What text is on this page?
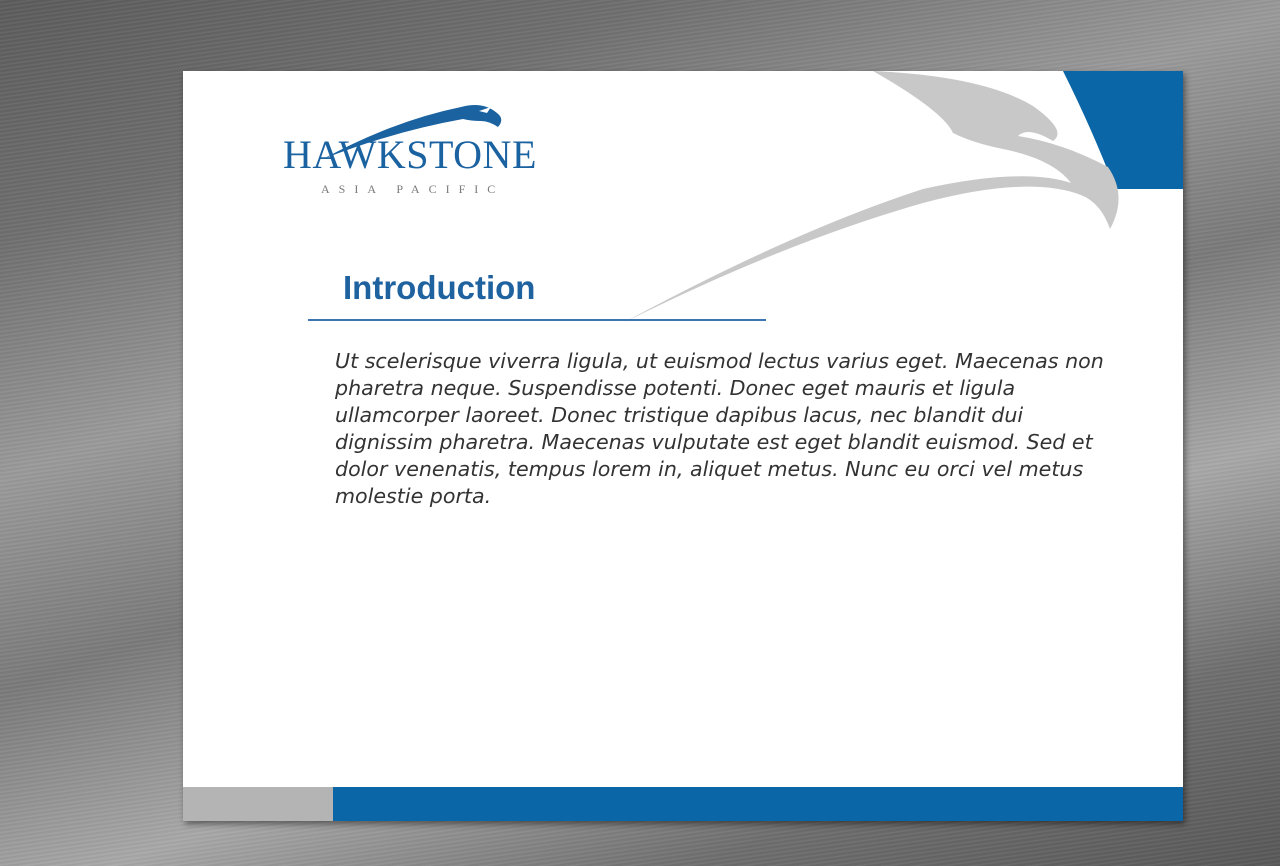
HAWKSTONE
ASIA PACIFIC
Introduction

Ut scelerisque viverra ligula, ut euismod lectus varius eget. Maecenas non pharetra neque. Suspendisse potenti. Donec eget mauris et ligula ullamcorper laoreet. Donec tristique dapibus lacus, nec blandit dui dignissim pharetra. Maecenas vulputate est eget blandit euismod. Sed et dolor venenatis, tempus lorem in, aliquet metus. Nunc eu orci vel metus molestie porta.
